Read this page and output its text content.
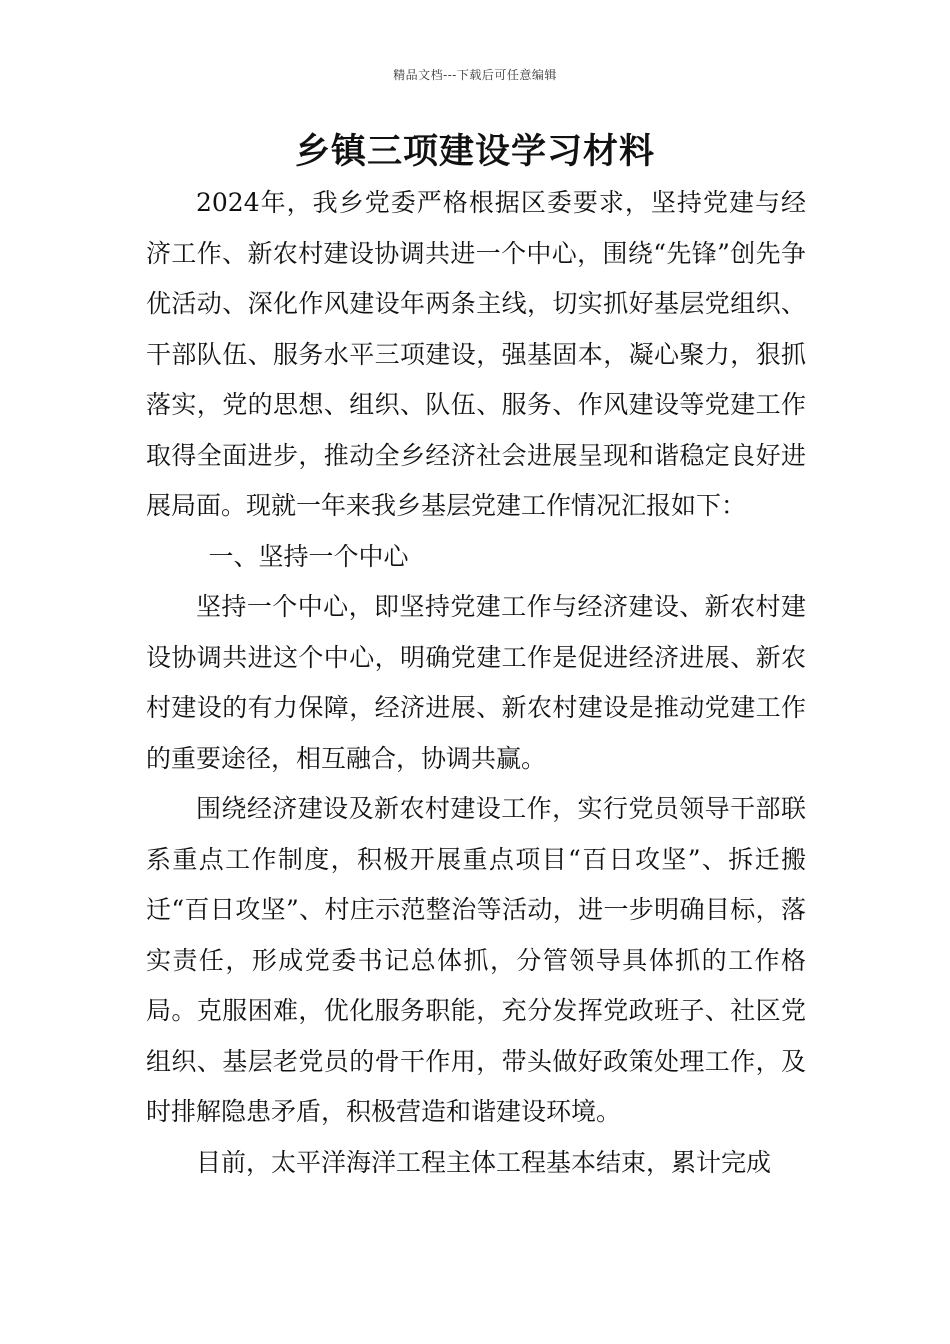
精品文档---下载后可任意编辑
乡镇三项建设学习材料

2024年，我乡党委严格根据区委要求，坚持党建与经济工作、新农村建设协调共进一个中心，围绕“先锋”创先争优活动、深化作风建设年两条主线，切实抓好基层党组织、干部队伍、服务水平三项建设，强基固本，凝心聚力，狠抓落实，党的思想、组织、队伍、服务、作风建设等党建工作取得全面进步，推动全乡经济社会进展呈现和谐稳定良好进展局面。现就一年来我乡基层党建工作情况汇报如下：

一、坚持一个中心

坚持一个中心，即坚持党建工作与经济建设、新农村建设协调共进这个中心，明确党建工作是促进经济进展、新农村建设的有力保障，经济进展、新农村建设是推动党建工作的重要途径，相互融合，协调共赢。

围绕经济建设及新农村建设工作，实行党员领导干部联系重点工作制度，积极开展重点项目“百日攻坚”、拆迁搬迁“百日攻坚”、村庄示范整治等活动，进一步明确目标，落实责任，形成党委书记总体抓，分管领导具体抓的工作格局。克服困难，优化服务职能，充分发挥党政班子、社区党组织、基层老党员的骨干作用，带头做好政策处理工作，及时排解隐患矛盾，积极营造和谐建设环境。

目前，太平洋海洋工程主体工程基本结束，累计完成
